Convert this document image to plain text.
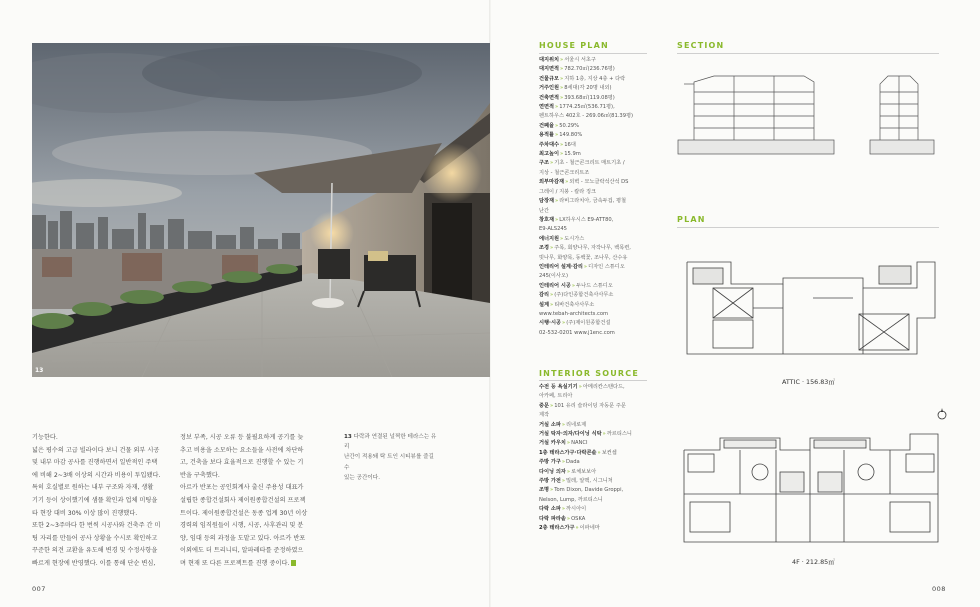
13

기능한다.

넓은 평수의 고급 빌라이다 보니 건물 외부 시공

및 내부 마감 공사를 진행하면서 일반적인 주택

에 비해 2~3배 이상의 시간과 비용이 투입됐다.

특히 호실별로 원하는 내부 구조와 자재, 생활

기기 등이 상이했기에 샘플 확인과 업체 미팅을

타 현장 대비 30% 이상 많이 진행했다.

또한 2~3주마다 한 번씩 시공사와 건축주 간 미

팅 자리를 만들어 공사 상황을 수시로 확인하고

꾸준한 의견 교환을 유도해 변경 및 수정사항을

빠르게 현장에 반영했다. 이를 통해 단순 변심,

정보 부족, 시공 오류 등 불필요하게 공기를 늦

추고 비용을 소모하는 요소들을 사전에 차단하

고, 건축을 보다 효율적으로 진행할 수 있는 기

반을 구축했다.

아르카 반포는 공인회계사 출신 주용성 대표가

설립한 종합건설회사 제이원종합건설의 프로젝

트이다. 제이원종합건설은 동종 업계 30년 이상

경력의 임직원들이 시행, 시공, 사후관리 및 분

양, 임대 등의 과정을 도맡고 있다. 아르카 반포

이외에도 더 트리니티, 알파레타를 준정하였으

며 현재 또 다른 프로젝트를 진행 중이다.

13 다락과 연결된 널찍한 테라스는 유리
난간이 적용돼 탁 트인 시티뷰를 즐길 수
있는 공간이다.
HOUSE PLAN
대지위치»서울시 서초구
대지면적»782.70㎡(236.76평)
건물규모»지하 1층, 지상 4층 + 다락
거주인원»8세대(각 20명 내외)
건축면적»393.68㎡(119.08평)
연면적»1774.25㎡(536.71평),
펜트하우스 402호 - 269.06㎡(81.39평)
건폐율»50.29%
용적률»149.80%
주차대수»16대
최고높이»15.9m
구조»기초 - 철근콘크리트 매트기초 /
지상 - 철근콘크리트조
외부마감재»외벽 - 모노클락석산석 DS
그레이 / 지붕 - 칼라 징크
담장재»라비그라치아, 금속두겁, 평철
난간
창호재»LX하우시스 E9-ATT80,
E9-ALS245
에너지원»도시가스
조경»주목, 회양나무, 자작나무, 백목련,
빗나무, 화양목, 동백꽃, 조나무, 산수유
인테리어 설계·감리»디자인 스튜디오
245(이사오)
인테리어 시공»두나드 스튜디오
감리»(주)다인종합건축사사무소
설계»티바건축사사무소
www.tebah-architects.com
시행·시공»(주)제이원종합건설
02-532-0201 www.j1enc.com
INTERIOR SOURCE
수전 등 욕실기기»아메리칸스탠다드,
아카페, 트리아
중문»101 유리 슬라이딩 자동문 주문
제작
거실 소파»리네로제
거실 탁자·의자/다이닝 식탁»까르티스니
거실 카우치»NANCI
1층 테라스가구·다락콘솔»보컨셉
주방 가구»Dada
다이닝 의자»로체보보아
주방 가전»밀레, 알맥, 시그니처
조명»Tom Dixon, Davide Groppi,
Nelson, Lump, 까르티스니
다락 소파»까시아이
다락 파라솔»OSKA
2층 테라스가구»이파네마
SECTION
PLAN
ATTIC · 156.83㎡
4F · 212.85㎡
007	008
